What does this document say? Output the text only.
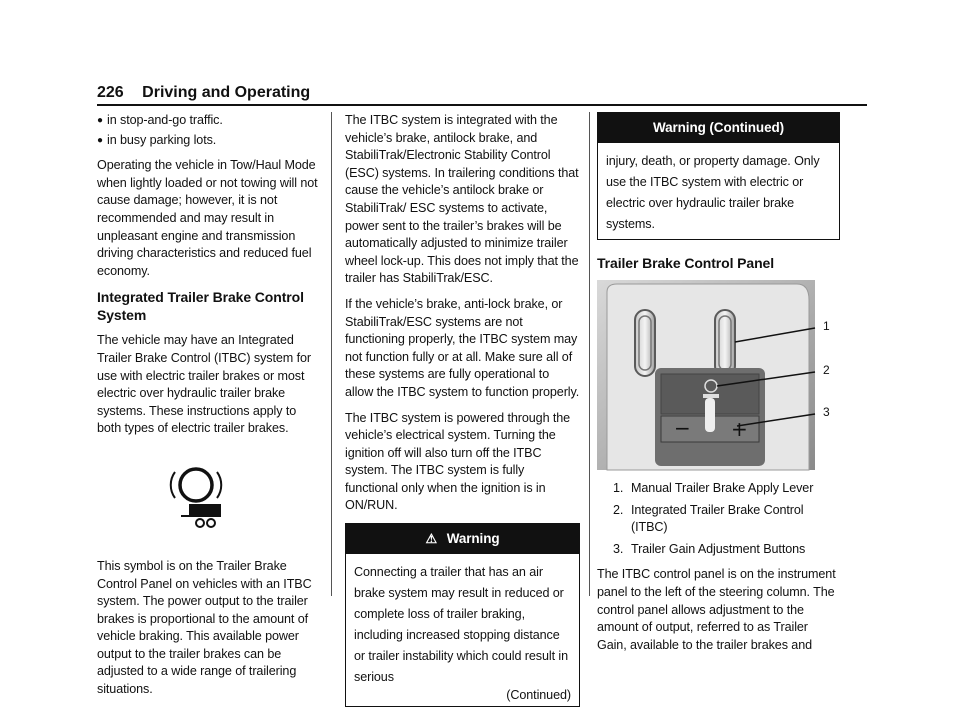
226 Driving and Operating
● in stop-and-go traffic.
● in busy parking lots.

Operating the vehicle in Tow/Haul Mode when lightly loaded or not towing will not cause damage; however, it is not recommended and may result in unpleasant engine and transmission driving characteristics and reduced fuel economy.

Integrated Trailer Brake Control System

The vehicle may have an Integrated Trailer Brake Control (ITBC) system for use with electric trailer brakes or most electric over hydraulic trailer brake systems. These instructions apply to both types of electric trailer brakes.

This symbol is on the Trailer Brake Control Panel on vehicles with an ITBC system. The power output to the trailer brakes is proportional to the amount of vehicle braking. This available power output to the trailer brakes can be adjusted to a wide range of trailering situations.

The ITBC system is integrated with the vehicle’s brake, antilock brake, and StabiliTrak/Electronic Stability Control (ESC) systems. In trailering conditions that cause the vehicle’s antilock brake or StabiliTrak/ ESC systems to activate, power sent to the trailer’s brakes will be automatically adjusted to minimize trailer wheel lock-up. This does not imply that the trailer has StabiliTrak/ESC.

If the vehicle’s brake, anti-lock brake, or StabiliTrak/ESC systems are not functioning properly, the ITBC system may not function fully or at all. Make sure all of these systems are fully operational to allow the ITBC system to function properly.

The ITBC system is powered through the vehicle’s electrical system. Turning the ignition off will also turn off the ITBC system. The ITBC system is fully functional only when the ignition is in ON/RUN.

⚠ Warning
Connecting a trailer that has an air brake system may result in reduced or complete loss of trailer braking, including increased stopping distance or trailer instability which could result in serious
(Continued)
Warning (Continued)
injury, death, or property damage. Only use the ITBC system with electric or electric over hydraulic trailer brake systems.
Trailer Brake Control Panel
− +
1
2
3
1. Manual Trailer Brake Apply Lever
2. Integrated Trailer Brake Control (ITBC)
3. Trailer Gain Adjustment Buttons

The ITBC control panel is on the instrument panel to the left of the steering column. The control panel allows adjustment to the amount of output, referred to as Trailer Gain, available to the trailer brakes and
